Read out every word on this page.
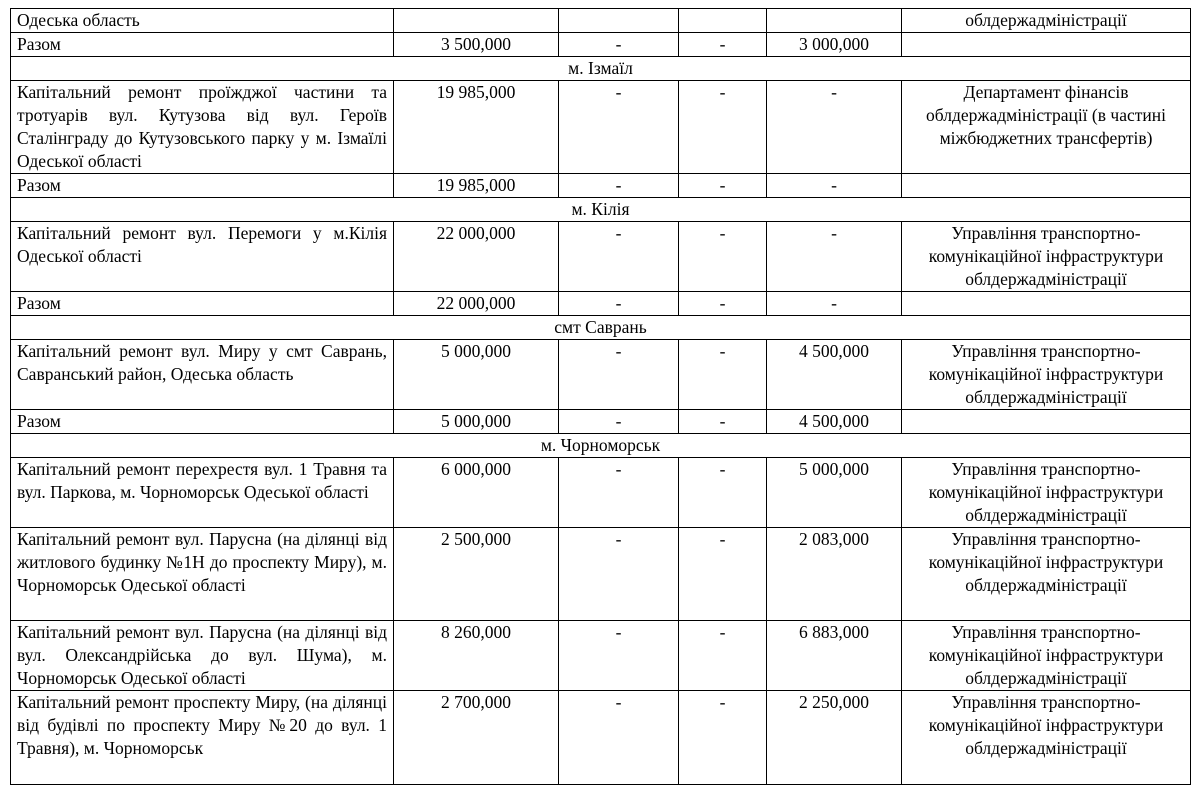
Одеська область					облдержадміністрації
Разом	3 500,000	-	-	3 000,000	
м. Ізмаїл					
Капітальний ремонт проїжджої частини та тротуарів вул. Кутузова від вул. Героїв Сталінграду до Кутузовського парку у м. Ізмаїлі Одеської області	19 985,000	-	-	-	Департамент фінансів облдержадміністрації (в частині міжбюджетних трансфертів)
Разом	19 985,000	-	-	-	
м. Кілія					
Капітальний ремонт вул. Перемоги у м.Кілія Одеської області	22 000,000	-	-	-	Управління транспортно-комунікаційної інфраструктури облдержадміністрації
Разом	22 000,000	-	-	-	
смт Саврань					
Капітальний ремонт вул. Миру у смт Саврань, Савранський район, Одеська область	5 000,000	-	-	4 500,000	Управління транспортно-комунікаційної інфраструктури облдержадміністрації
Разом	5 000,000	-	-	4 500,000	
м. Чорноморськ					
Капітальний ремонт перехрестя вул. 1 Травня та вул. Паркова, м. Чорноморськ Одеської області	6 000,000	-	-	5 000,000	Управління транспортно-комунікаційної інфраструктури облдержадміністрації
Капітальний ремонт вул. Парусна (на ділянці від житлового будинку №1Н до проспекту Миру), м. Чорноморськ Одеської області	2 500,000	-	-	2 083,000	Управління транспортно-комунікаційної інфраструктури облдержадміністрації
Капітальний ремонт вул. Парусна (на ділянці від вул. Олександрійська до вул. Шума), м. Чорноморськ Одеської області	8 260,000	-	-	6 883,000	Управління транспортно-комунікаційної інфраструктури облдержадміністрації
Капітальний ремонт проспекту Миру, (на ділянці від будівлі по проспекту Миру №20 до вул. 1 Травня), м. Чорноморськ	2 700,000	-	-	2 250,000	Управління транспортно-комунікаційної інфраструктури облдержадміністрації
